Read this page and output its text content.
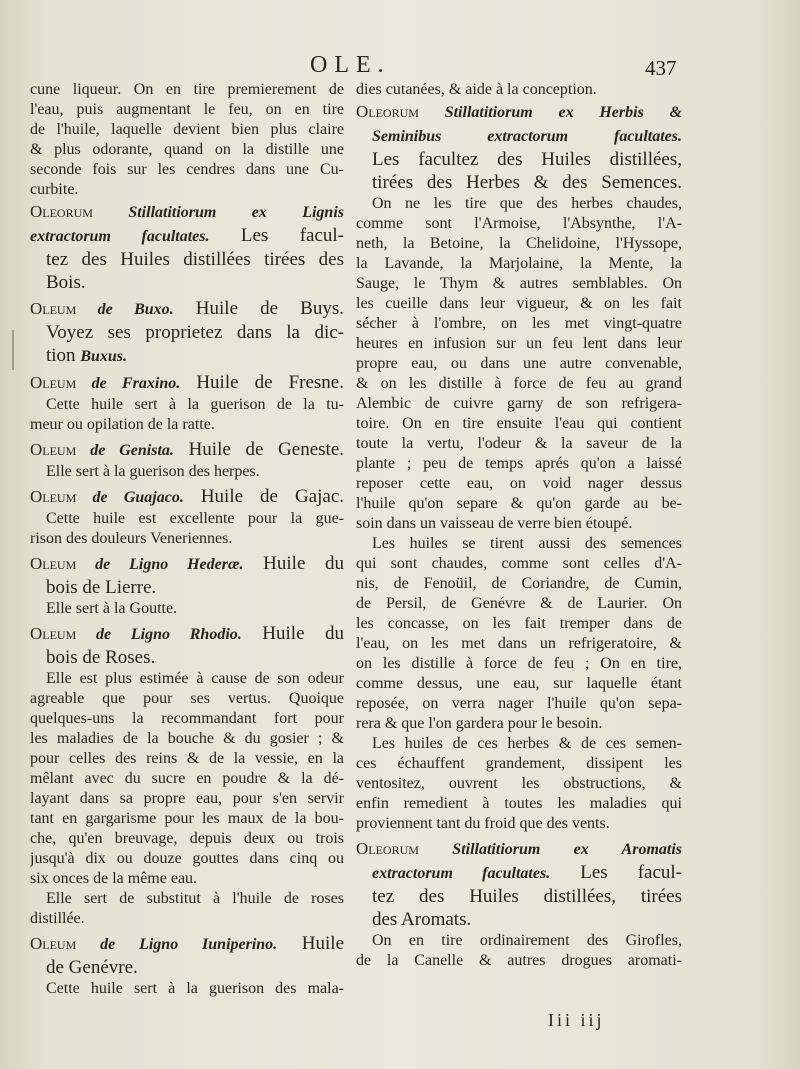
OLE.	437
cune liqueur. On en tire premierement de
l'eau, puis augmentant le feu, on en tire
de l'huile, laquelle devient bien plus claire
& plus odorante, quand on la distille une
seconde fois sur les cendres dans une Cu-
curbite.
Oleorum Stillatitiorum ex Lignis
extractorum facultates. Les facul-
tez des Huiles distillées tirées des
Bois.
Oleum de Buxo. Huile de Buys.
Voyez ses proprietez dans la dic-
tion Buxus.
Oleum de Fraxino. Huile de Fresne.
Cette huile sert à la guerison de la tu-
meur ou opilation de la ratte.
Oleum de Genista. Huile de Geneste.
Elle sert à la guerison des herpes.
Oleum de Guajaco. Huile de Gajac.
Cette huile est excellente pour la gue-
rison des douleurs Veneriennes.
Oleum de Ligno Hederæ. Huile du
bois de Lierre.
Elle sert à la Goutte.
Oleum de Ligno Rhodio. Huile du
bois de Roses.
Elle est plus estimée à cause de son odeur
agreable que pour ses vertus. Quoique
quelques-uns la recommandant fort pour
les maladies de la bouche & du gosier ; &
pour celles des reins & de la vessie, en la
mêlant avec du sucre en poudre & la dé-
layant dans sa propre eau, pour s'en servir
tant en gargarisme pour les maux de la bou-
che, qu'en breuvage, depuis deux ou trois
jusqu'à dix ou douze gouttes dans cinq ou
six onces de la même eau.
Elle sert de substitut à l'huile de roses
distillée.
Oleum de Ligno Iuniperino. Huile
de Genévre.
Cette huile sert à la guerison des mala-
dies cutanées, & aide à la conception.
Oleorum Stillatitiorum ex Herbis &
Seminibus extractorum facultates.
Les facultez des Huiles distillées,
tirées des Herbes & des Semences.
On ne les tire que des herbes chaudes,
comme sont l'Armoise, l'Absynthe, l'A-
neth, la Betoine, la Chelidoine, l'Hyssope,
la Lavande, la Marjolaine, la Mente, la
Sauge, le Thym & autres semblables. On
les cueille dans leur vigueur, & on les fait
sécher à l'ombre, on les met vingt-quatre
heures en infusion sur un feu lent dans leur
propre eau, ou dans une autre convenable,
& on les distille à force de feu au grand
Alembic de cuivre garny de son refrigera-
toire. On en tire ensuite l'eau qui contient
toute la vertu, l'odeur & la saveur de la
plante ; peu de temps aprés qu'on a laissé
reposer cette eau, on void nager dessus
l'huile qu'on separe & qu'on garde au be-
soin dans un vaisseau de verre bien étoupé.
Les huiles se tirent aussi des semences
qui sont chaudes, comme sont celles d'A-
nis, de Fenoüil, de Coriandre, de Cumin,
de Persil, de Genévre & de Laurier. On
les concasse, on les fait tremper dans de
l'eau, on les met dans un refrigeratoire, &
on les distille à force de feu ; On en tire,
comme dessus, une eau, sur laquelle étant
reposée, on verra nager l'huile qu'on sepa-
rera & que l'on gardera pour le besoin.
Les huiles de ces herbes & de ces semen-
ces échauffent grandement, dissipent les
ventositez, ouvrent les obstructions, &
enfin remedient à toutes les maladies qui
proviennent tant du froid que des vents.
Oleorum Stillatitiorum ex Aromatis
extractorum facultates. Les facul-
tez des Huiles distillées, tirées
des Aromats.
On en tire ordinairement des Girofles,
de la Canelle & autres drogues aromati-
Iii iij
